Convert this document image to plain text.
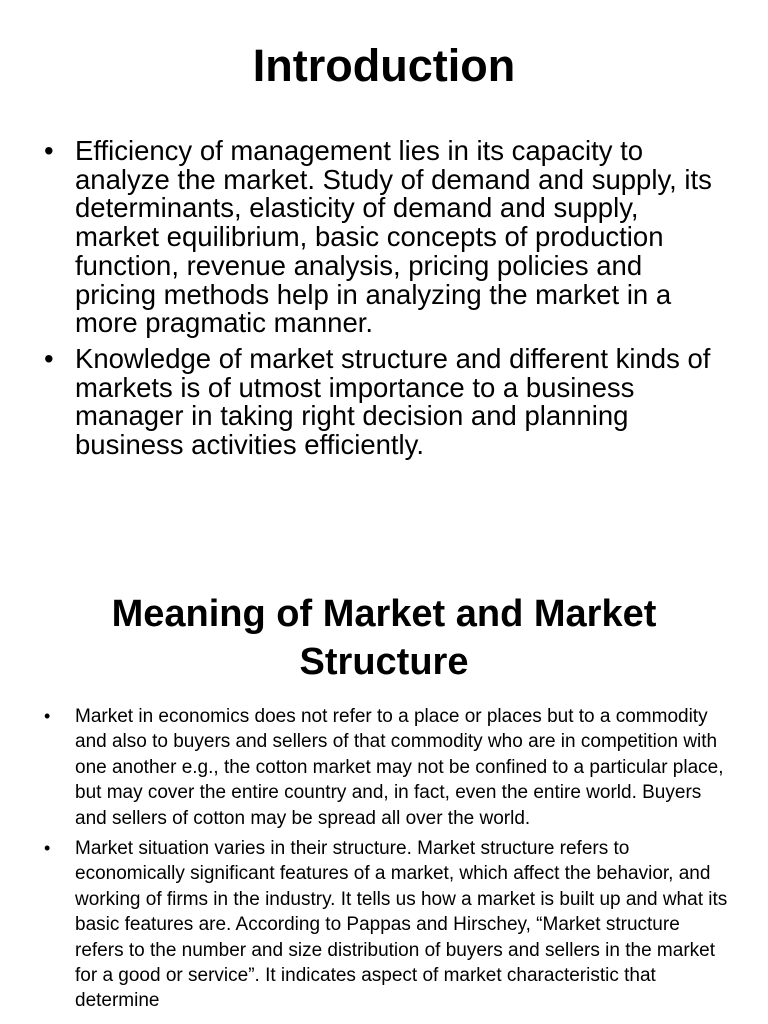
Introduction
• Efficiency of management lies in its capacity to analyze the market. Study of demand and supply, its determinants, elasticity of demand and supply, market equilibrium, basic concepts of production function, revenue analysis, pricing policies and pricing methods help in analyzing the market in a more pragmatic manner.
• Knowledge of market structure and different kinds of markets is of utmost importance to a business manager in taking right decision and planning business activities efficiently.
Meaning of Market and Market Structure
• Market in economics does not refer to a place or places but to a commodity and also to buyers and sellers of that commodity who are in competition with one another e.g., the cotton market may not be confined to a particular place, but may cover the entire country and, in fact, even the entire world. Buyers and sellers of cotton may be spread all over the world.
• Market situation varies in their structure. Market structure refers to economically significant features of a market, which affect the behavior, and working of firms in the industry. It tells us how a market is built up and what its basic features are. According to Pappas and Hirschey, “Market structure refers to the number and size distribution of buyers and sellers in the market for a good or service”. It indicates aspect of market characteristic that determine
